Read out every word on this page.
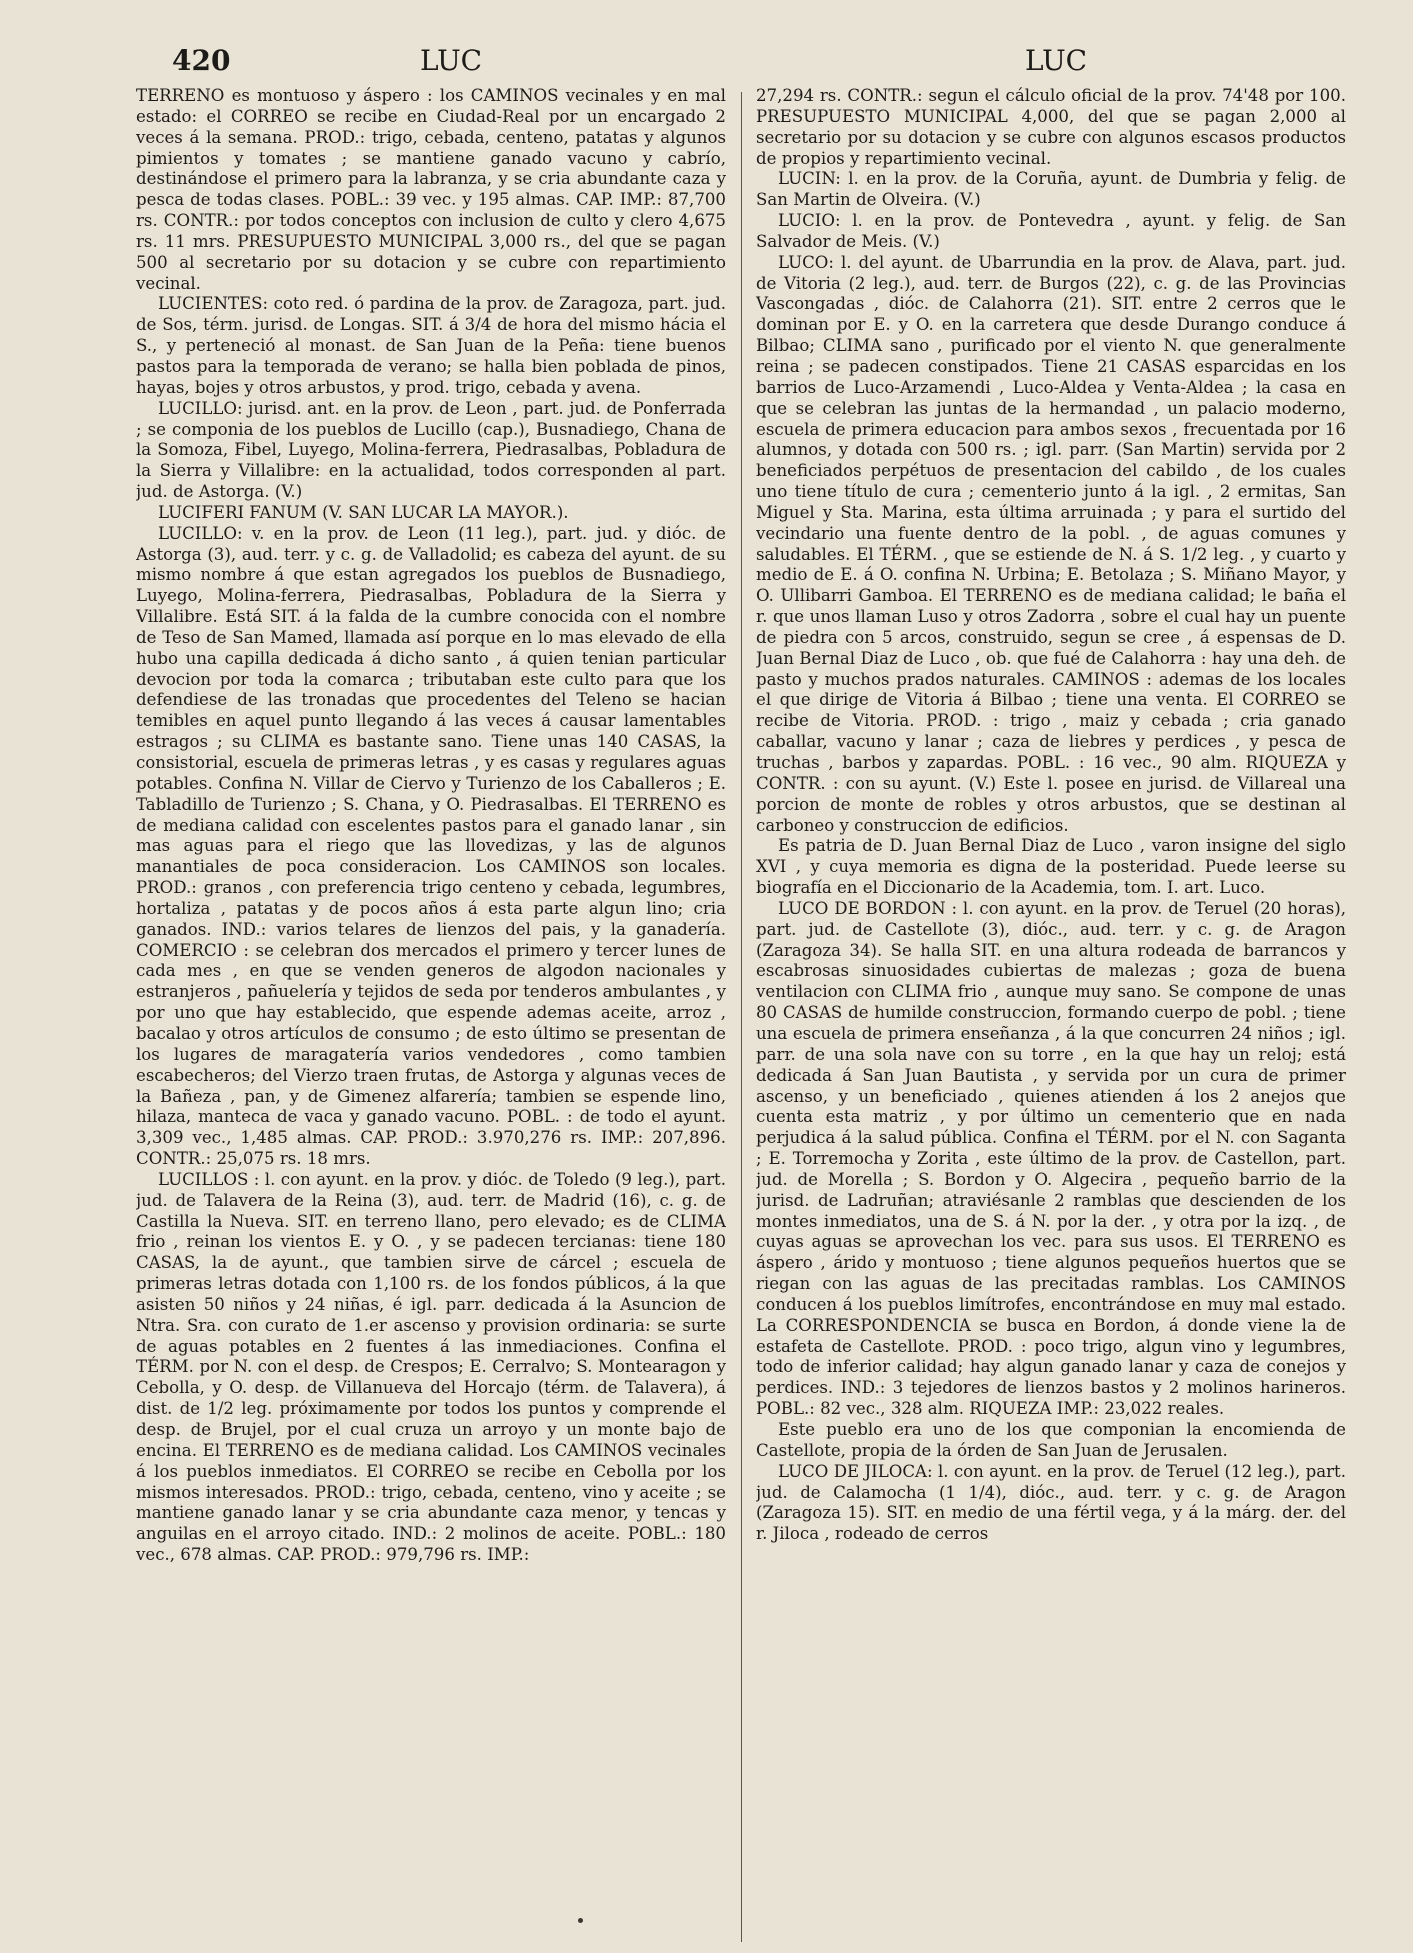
420	LUC	LUC

TERRENO es montuoso y áspero : los CAMINOS vecinales y en mal estado: el CORREO se recibe en Ciudad-Real por un encargado 2 veces á la semana. PROD.: trigo, cebada, centeno, patatas y algunos pimientos y tomates ; se mantiene ganado vacuno y cabrío, destinándose el primero para la labranza, y se cria abundante caza y pesca de todas clases. POBL.: 39 vec. y 195 almas. CAP. IMP.: 87,700 rs. CONTR.: por todos conceptos con inclusion de culto y clero 4,675 rs. 11 mrs. PRESUPUESTO MUNICIPAL 3,000 rs., del que se pagan 500 al secretario por su dotacion y se cubre con repartimiento vecinal.

LUCIENTES: coto red. ó pardina de la prov. de Zaragoza, part. jud. de Sos, térm. jurisd. de Longas. SIT. á 3/4 de hora del mismo hácia el S., y perteneció al monast. de San Juan de la Peña: tiene buenos pastos para la temporada de verano; se halla bien poblada de pinos, hayas, bojes y otros arbustos, y prod. trigo, cebada y avena.

LUCILLO: jurisd. ant. en la prov. de Leon , part. jud. de Ponferrada ; se componia de los pueblos de Lucillo (cap.), Busnadiego, Chana de la Somoza, Fibel, Luyego, Molina-ferrera, Piedrasalbas, Pobladura de la Sierra y Villalibre: en la actualidad, todos corresponden al part. jud. de Astorga. (V.)

LUCIFERI FANUM (V. SAN LUCAR LA MAYOR.).

LUCILLO: v. en la prov. de Leon (11 leg.), part. jud. y dióc. de Astorga (3), aud. terr. y c. g. de Valladolid; es cabeza del ayunt. de su mismo nombre á que estan agregados los pueblos de Busnadiego, Luyego, Molina-ferrera, Piedrasalbas, Pobladura de la Sierra y Villalibre. Está SIT. á la falda de la cumbre conocida con el nombre de Teso de San Mamed, llamada así porque en lo mas elevado de ella hubo una capilla dedicada á dicho santo , á quien tenian particular devocion por toda la comarca ; tributaban este culto para que los defendiese de las tronadas que procedentes del Teleno se hacian temibles en aquel punto llegando á las veces á causar lamentables estragos ; su CLIMA es bastante sano. Tiene unas 140 CASAS, la consistorial, escuela de primeras letras , y es casas y regulares aguas potables. Confina N. Villar de Ciervo y Turienzo de los Caballeros ; E. Tabladillo de Turienzo ; S. Chana, y O. Piedrasalbas. El TERRENO es de mediana calidad con escelentes pastos para el ganado lanar , sin mas aguas para el riego que las llovedizas, y las de algunos manantiales de poca consideracion. Los CAMINOS son locales. PROD.: granos , con preferencia trigo centeno y cebada, legumbres, hortaliza , patatas y de pocos años á esta parte algun lino; cria ganados. IND.: varios telares de lienzos del pais, y la ganadería. COMERCIO : se celebran dos mercados el primero y tercer lunes de cada mes , en que se venden generos de algodon nacionales y estranjeros , pañuelería y tejidos de seda por tenderos ambulantes , y por uno que hay establecido, que espende ademas aceite, arroz , bacalao y otros artículos de consumo ; de esto último se presentan de los lugares de maragatería varios vendedores , como tambien escabecheros; del Vierzo traen frutas, de Astorga y algunas veces de la Bañeza , pan, y de Gimenez alfarería; tambien se espende lino, hilaza, manteca de vaca y ganado vacuno. POBL. : de todo el ayunt. 3,309 vec., 1,485 almas. CAP. PROD.: 3.970,276 rs. IMP.: 207,896. CONTR.: 25,075 rs. 18 mrs.

LUCILLOS : l. con ayunt. en la prov. y dióc. de Toledo (9 leg.), part. jud. de Talavera de la Reina (3), aud. terr. de Madrid (16), c. g. de Castilla la Nueva. SIT. en terreno llano, pero elevado; es de CLIMA frio , reinan los vientos E. y O. , y se padecen tercianas: tiene 180 CASAS, la de ayunt., que tambien sirve de cárcel ; escuela de primeras letras dotada con 1,100 rs. de los fondos públicos, á la que asisten 50 niños y 24 niñas, é igl. parr. dedicada á la Asuncion de Ntra. Sra. con curato de 1.er ascenso y provision ordinaria: se surte de aguas potables en 2 fuentes á las inmediaciones. Confina el TÉRM. por N. con el desp. de Crespos; E. Cerralvo; S. Montearagon y Cebolla, y O. desp. de Villanueva del Horcajo (térm. de Talavera), á dist. de 1/2 leg. próximamente por todos los puntos y comprende el desp. de Brujel, por el cual cruza un arroyo y un monte bajo de encina. El TERRENO es de mediana calidad. Los CAMINOS vecinales á los pueblos inmediatos. El CORREO se recibe en Cebolla por los mismos interesados. PROD.: trigo, cebada, centeno, vino y aceite ; se mantiene ganado lanar y se cria abundante caza menor, y tencas y anguilas en el arroyo citado. IND.: 2 molinos de aceite. POBL.: 180 vec., 678 almas. CAP. PROD.: 979,796 rs. IMP.:

27,294 rs. CONTR.: segun el cálculo oficial de la prov. 74'48 por 100. PRESUPUESTO MUNICIPAL 4,000, del que se pagan 2,000 al secretario por su dotacion y se cubre con algunos escasos productos de propios y repartimiento vecinal.

LUCIN: l. en la prov. de la Coruña, ayunt. de Dumbria y felig. de San Martin de Olveira. (V.)

LUCIO: l. en la prov. de Pontevedra , ayunt. y felig. de San Salvador de Meis. (V.)

LUCO: l. del ayunt. de Ubarrundia en la prov. de Alava, part. jud. de Vitoria (2 leg.), aud. terr. de Burgos (22), c. g. de las Provincias Vascongadas , dióc. de Calahorra (21). SIT. entre 2 cerros que le dominan por E. y O. en la carretera que desde Durango conduce á Bilbao; CLIMA sano , purificado por el viento N. que generalmente reina ; se padecen constipados. Tiene 21 CASAS esparcidas en los barrios de Luco-Arzamendi , Luco-Aldea y Venta-Aldea ; la casa en que se celebran las juntas de la hermandad , un palacio moderno, escuela de primera educacion para ambos sexos , frecuentada por 16 alumnos, y dotada con 500 rs. ; igl. parr. (San Martin) servida por 2 beneficiados perpétuos de presentacion del cabildo , de los cuales uno tiene título de cura ; cementerio junto á la igl. , 2 ermitas, San Miguel y Sta. Marina, esta última arruinada ; y para el surtido del vecindario una fuente dentro de la pobl. , de aguas comunes y saludables. El TÉRM. , que se estiende de N. á S. 1/2 leg. , y cuarto y medio de E. á O. confina N. Urbina; E. Betolaza ; S. Miñano Mayor, y O. Ullibarri Gamboa. El TERRENO es de mediana calidad; le baña el r. que unos llaman Luso y otros Zadorra , sobre el cual hay un puente de piedra con 5 arcos, construido, segun se cree , á espensas de D. Juan Bernal Diaz de Luco , ob. que fué de Calahorra : hay una deh. de pasto y muchos prados naturales. CAMINOS : ademas de los locales el que dirige de Vitoria á Bilbao ; tiene una venta. El CORREO se recibe de Vitoria. PROD. : trigo , maiz y cebada ; cria ganado caballar, vacuno y lanar ; caza de liebres y perdices , y pesca de truchas , barbos y zapardas. POBL. : 16 vec., 90 alm. RIQUEZA y CONTR. : con su ayunt. (V.) Este l. posee en jurisd. de Villareal una porcion de monte de robles y otros arbustos, que se destinan al carboneo y construccion de edificios.

Es patria de D. Juan Bernal Diaz de Luco , varon insigne del siglo XVI , y cuya memoria es digna de la posteridad. Puede leerse su biografía en el Diccionario de la Academia, tom. I. art. Luco.

LUCO DE BORDON : l. con ayunt. en la prov. de Teruel (20 horas), part. jud. de Castellote (3), dióc., aud. terr. y c. g. de Aragon (Zaragoza 34). Se halla SIT. en una altura rodeada de barrancos y escabrosas sinuosidades cubiertas de malezas ; goza de buena ventilacion con CLIMA frio , aunque muy sano. Se compone de unas 80 CASAS de humilde construccion, formando cuerpo de pobl. ; tiene una escuela de primera enseñanza , á la que concurren 24 niños ; igl. parr. de una sola nave con su torre , en la que hay un reloj; está dedicada á San Juan Bautista , y servida por un cura de primer ascenso, y un beneficiado , quienes atienden á los 2 anejos que cuenta esta matriz , y por último un cementerio que en nada perjudica á la salud pública. Confina el TÉRM. por el N. con Saganta ; E. Torremocha y Zorita , este último de la prov. de Castellon, part. jud. de Morella ; S. Bordon y O. Algecira , pequeño barrio de la jurisd. de Ladruñan; atraviésanle 2 ramblas que descienden de los montes inmediatos, una de S. á N. por la der. , y otra por la izq. , de cuyas aguas se aprovechan los vec. para sus usos. El TERRENO es áspero , árido y montuoso ; tiene algunos pequeños huertos que se riegan con las aguas de las precitadas ramblas. Los CAMINOS conducen á los pueblos limítrofes, encontrándose en muy mal estado. La CORRESPONDENCIA se busca en Bordon, á donde viene la de estafeta de Castellote. PROD. : poco trigo, algun vino y legumbres, todo de inferior calidad; hay algun ganado lanar y caza de conejos y perdices. IND.: 3 tejedores de lienzos bastos y 2 molinos harineros. POBL.: 82 vec., 328 alm. RIQUEZA IMP.: 23,022 reales.

Este pueblo era uno de los que componian la encomienda de Castellote, propia de la órden de San Juan de Jerusalen.

LUCO DE JILOCA: l. con ayunt. en la prov. de Teruel (12 leg.), part. jud. de Calamocha (1 1/4), dióc., aud. terr. y c. g. de Aragon (Zaragoza 15). SIT. en medio de una fértil vega, y á la márg. der. del r. Jiloca , rodeado de cerros
